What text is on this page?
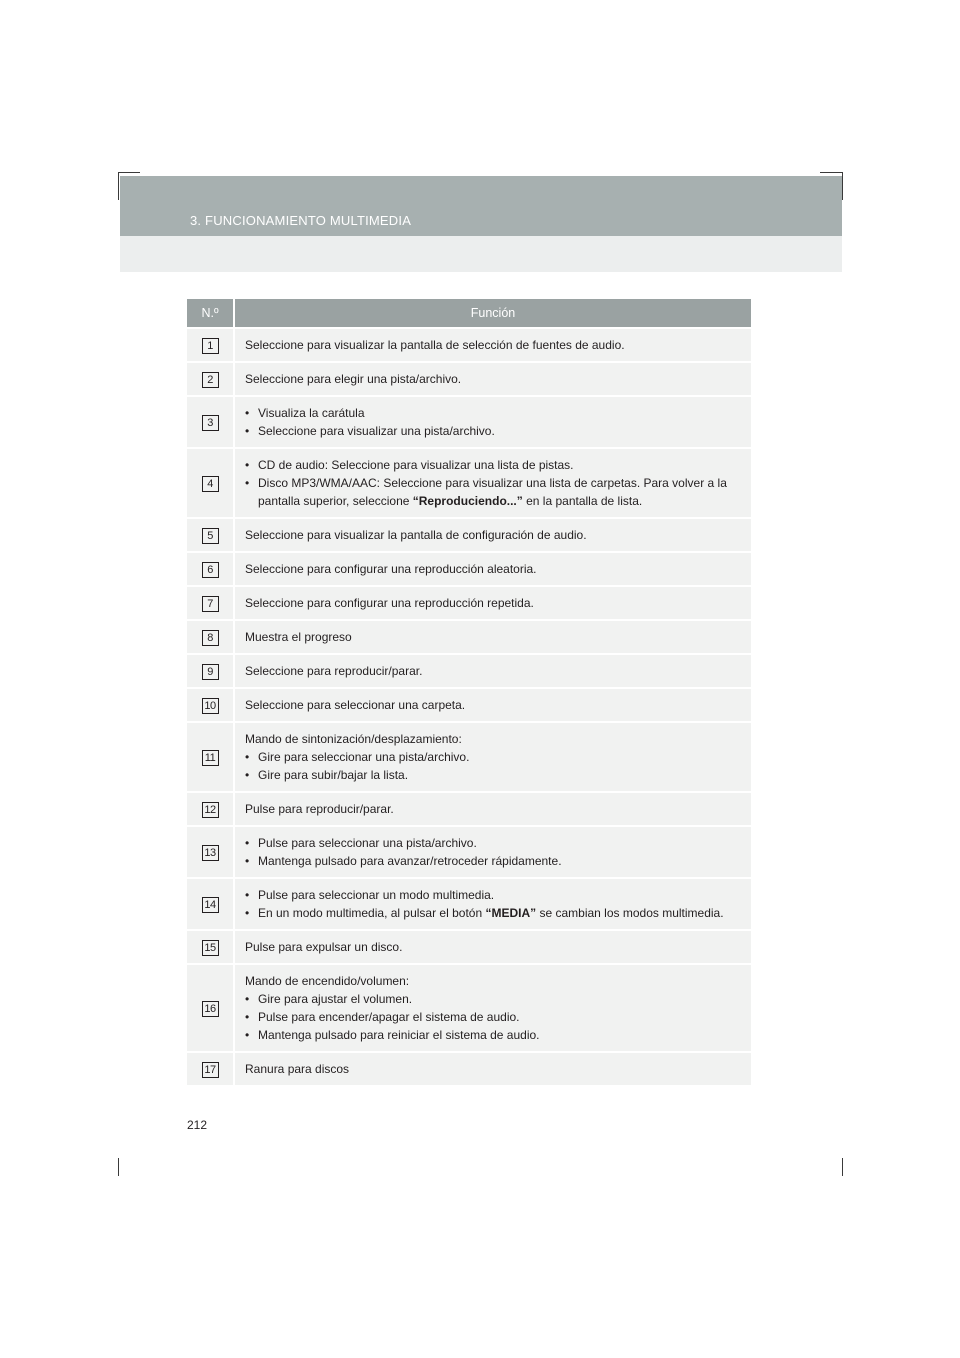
3. FUNCIONAMIENTO MULTIMEDIA
N.º	Función
1	Seleccione para visualizar la pantalla de selección de fuentes de audio.

2	Seleccione para elegir una pista/archivo.

3	• Visualiza la carátula
• Seleccione para visualizar una pista/archivo.

4	• CD de audio: Seleccione para visualizar una lista de pistas.
• Disco MP3/WMA/AAC: Seleccione para visualizar una lista de carpetas. Para volver a la pantalla superior, seleccione “Reproduciendo...” en la pantalla de lista.

5	Seleccione para visualizar la pantalla de configuración de audio.

6	Seleccione para configurar una reproducción aleatoria.

7	Seleccione para configurar una reproducción repetida.

8	Muestra el progreso

9	Seleccione para reproducir/parar.

10	Seleccione para seleccionar una carpeta.

11	Mando de sintonización/desplazamiento:
• Gire para seleccionar una pista/archivo.
• Gire para subir/bajar la lista.

12	Pulse para reproducir/parar.

13	• Pulse para seleccionar una pista/archivo.
• Mantenga pulsado para avanzar/retroceder rápidamente.

14	• Pulse para seleccionar un modo multimedia.
• En un modo multimedia, al pulsar el botón “MEDIA” se cambian los modos multimedia.

15	Pulse para expulsar un disco.

16	Mando de encendido/volumen:
• Gire para ajustar el volumen.
• Pulse para encender/apagar el sistema de audio.
• Mantenga pulsado para reiniciar el sistema de audio.

17	Ranura para discos
212
